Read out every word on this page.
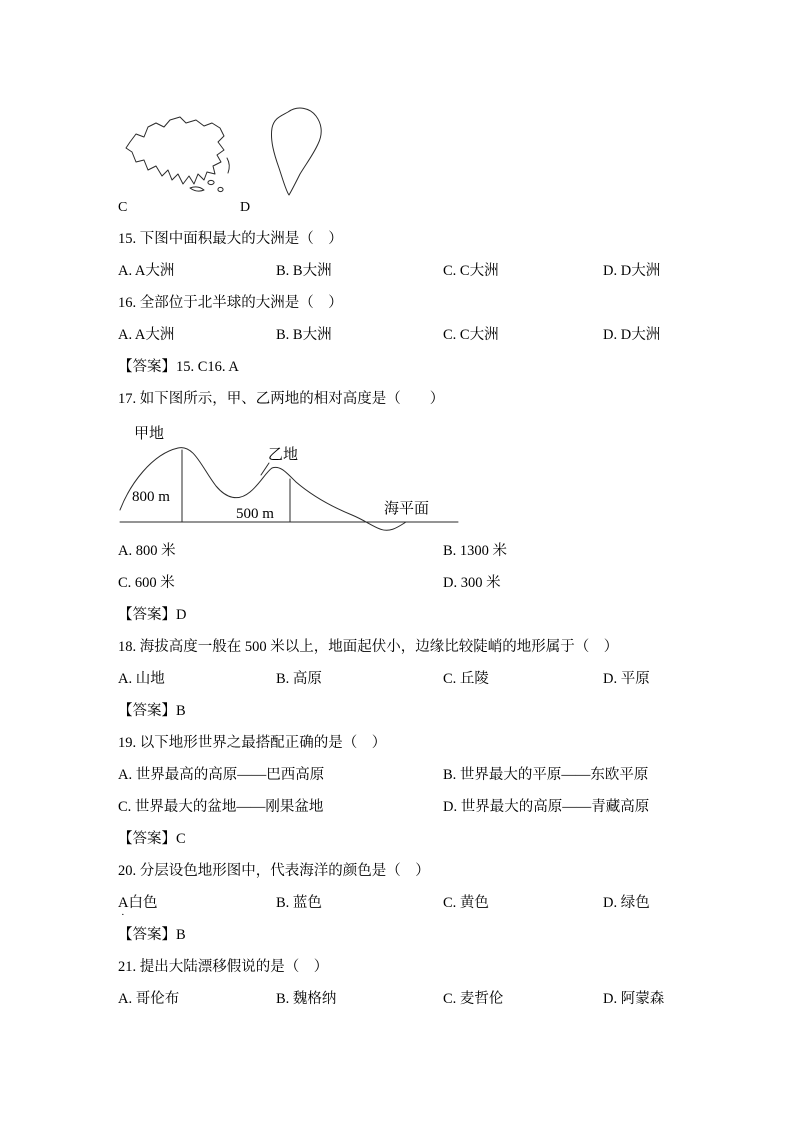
C	D
15. 下图中面积最大的大洲是（　）
A. A大洲	B. B大洲	C. C大洲	D. D大洲
16. 全部位于北半球的大洲是（　）
A. A大洲	B. B大洲	C. C大洲	D. D大洲
【答案】15. C16. A
17. 如下图所示，甲、乙两地的相对高度是（　　）
甲地
乙地
800 m
500 m	海平面
A. 800 米	B. 1300 米
C. 600 米	D. 300 米
【答案】D
18. 海拔高度一般在 500 米以上，地面起伏小，边缘比较陡峭的地形属于（　）
A. 山地	B. 高原	C. 丘陵	D. 平原
【答案】B
19. 以下地形世界之最搭配正确的是（　）
A. 世界最高的高原——巴西高原	B. 世界最大的平原——东欧平原
C. 世界最大的盆地——刚果盆地	D. 世界最大的高原——青藏高原
【答案】C
20. 分层设色地形图中，代表海洋的颜色是（　）
A白色
·
B. 蓝色	C. 黄色	D. 绿色
【答案】B
21. 提出大陆漂移假说的是（　）
A. 哥伦布	B. 魏格纳	C. 麦哲伦	D. 阿蒙森
